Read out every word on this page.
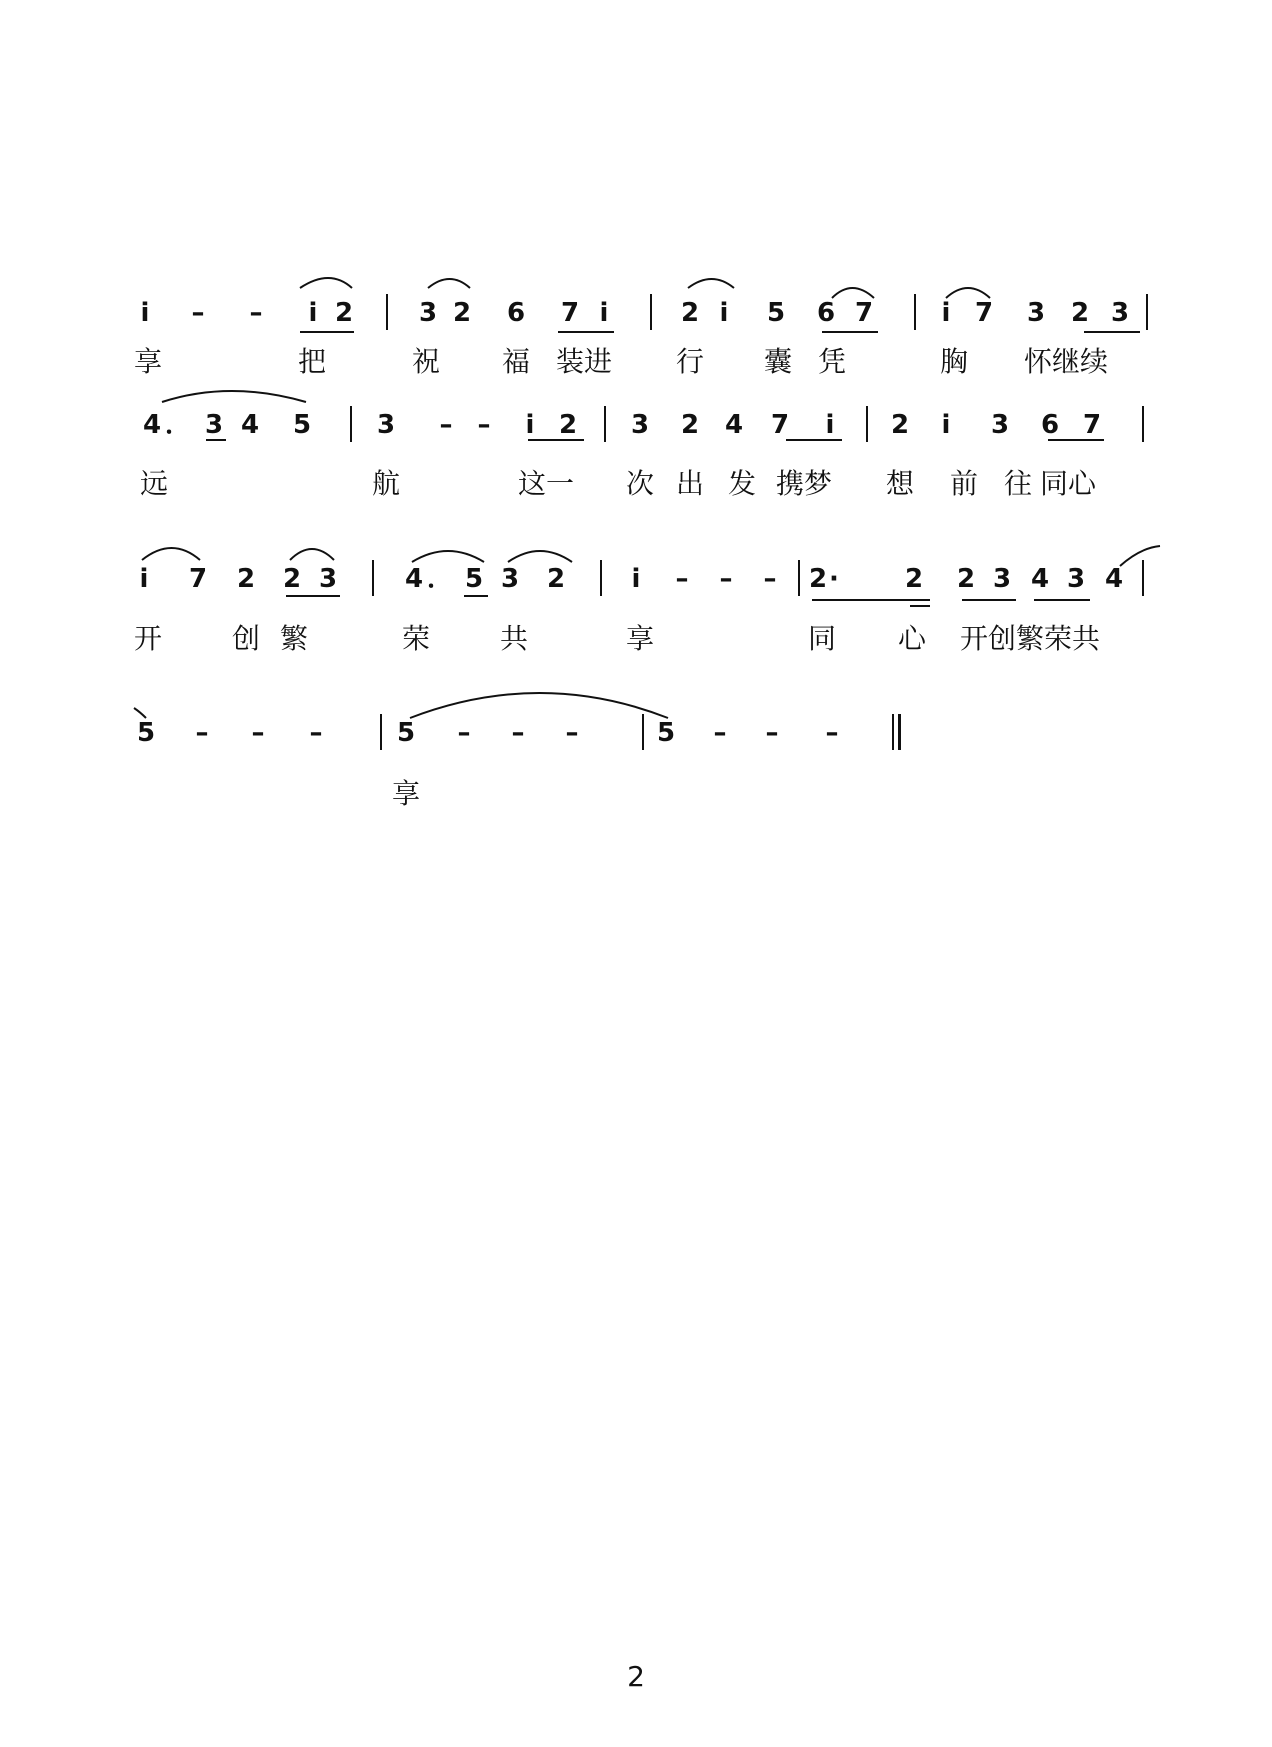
i – – i 2	3 2 6 7 i	2 i 5 6 7	i 7 3 2 3
享	把	祝 福 装进 行 囊 凭	胸 怀继续
4 ． 3 4 5	3 – – i 2 3 2 4 7 i 2 i 3 6 7
远	航	这一 次 出 发 携梦 想 前 往 同心
i 7 2 2 3	4 ． 5 3 2	i – – – 2 ·	2 2 3 4 3 4
开 创 繁	荣 共	享	同 心 开创繁荣共
5 – – –	5 – – –	5 – – –
享
2
